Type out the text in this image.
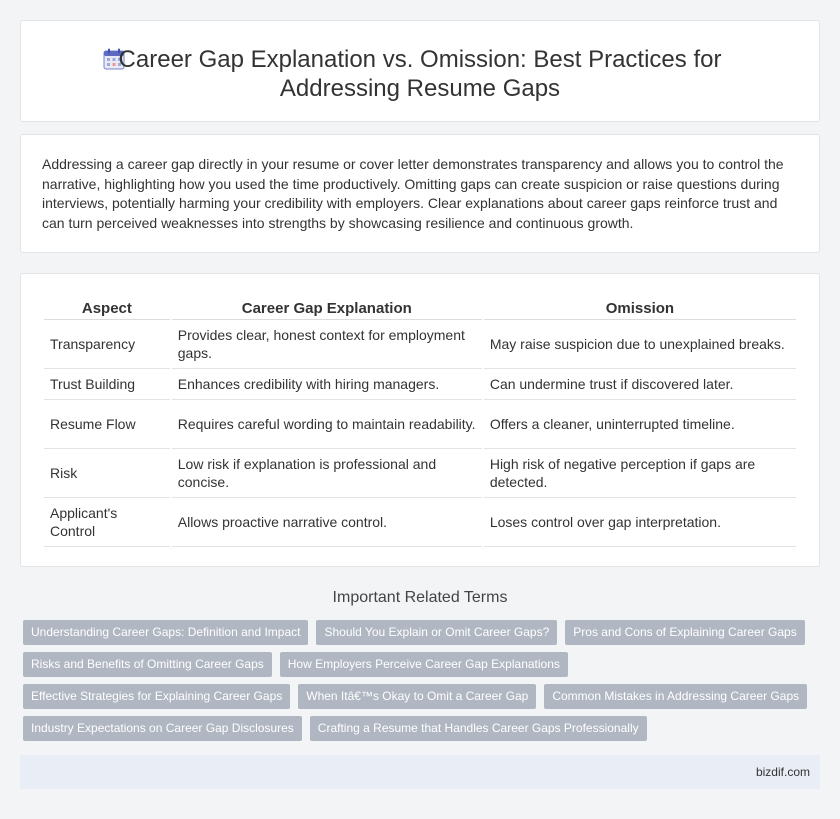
Career Gap Explanation vs. Omission: Best Practices for
Addressing Resume Gaps

Addressing a career gap directly in your resume or cover letter demonstrates transparency and allows you to control the narrative, highlighting how you used the time productively. Omitting gaps can create suspicion or raise questions during interviews, potentially harming your credibility with employers. Clear explanations about career gaps reinforce trust and can turn perceived weaknesses into strengths by showcasing resilience and continuous growth.

Aspect	Career Gap Explanation	Omission
Transparency	Provides clear, honest context for employment gaps.	May raise suspicion due to unexplained breaks.
Trust Building	Enhances credibility with hiring managers.	Can undermine trust if discovered later.
Resume Flow	Requires careful wording to maintain readability.	Offers a cleaner, uninterrupted timeline.
Risk	Low risk if explanation is professional and concise.	High risk of negative perception if gaps are detected.
Applicant's Control	Allows proactive narrative control.	Loses control over gap interpretation.
Important Related Terms
Understanding Career Gaps: Definition and Impact	Should You Explain or Omit Career Gaps?	Pros and Cons of Explaining Career Gaps
Risks and Benefits of Omitting Career Gaps	How Employers Perceive Career Gap Explanations
Effective Strategies for Explaining Career Gaps	When Itâ€™s Okay to Omit a Career Gap	Common Mistakes in Addressing Career Gaps
Industry Expectations on Career Gap Disclosures	Crafting a Resume that Handles Career Gaps Professionally
bizdif.com
